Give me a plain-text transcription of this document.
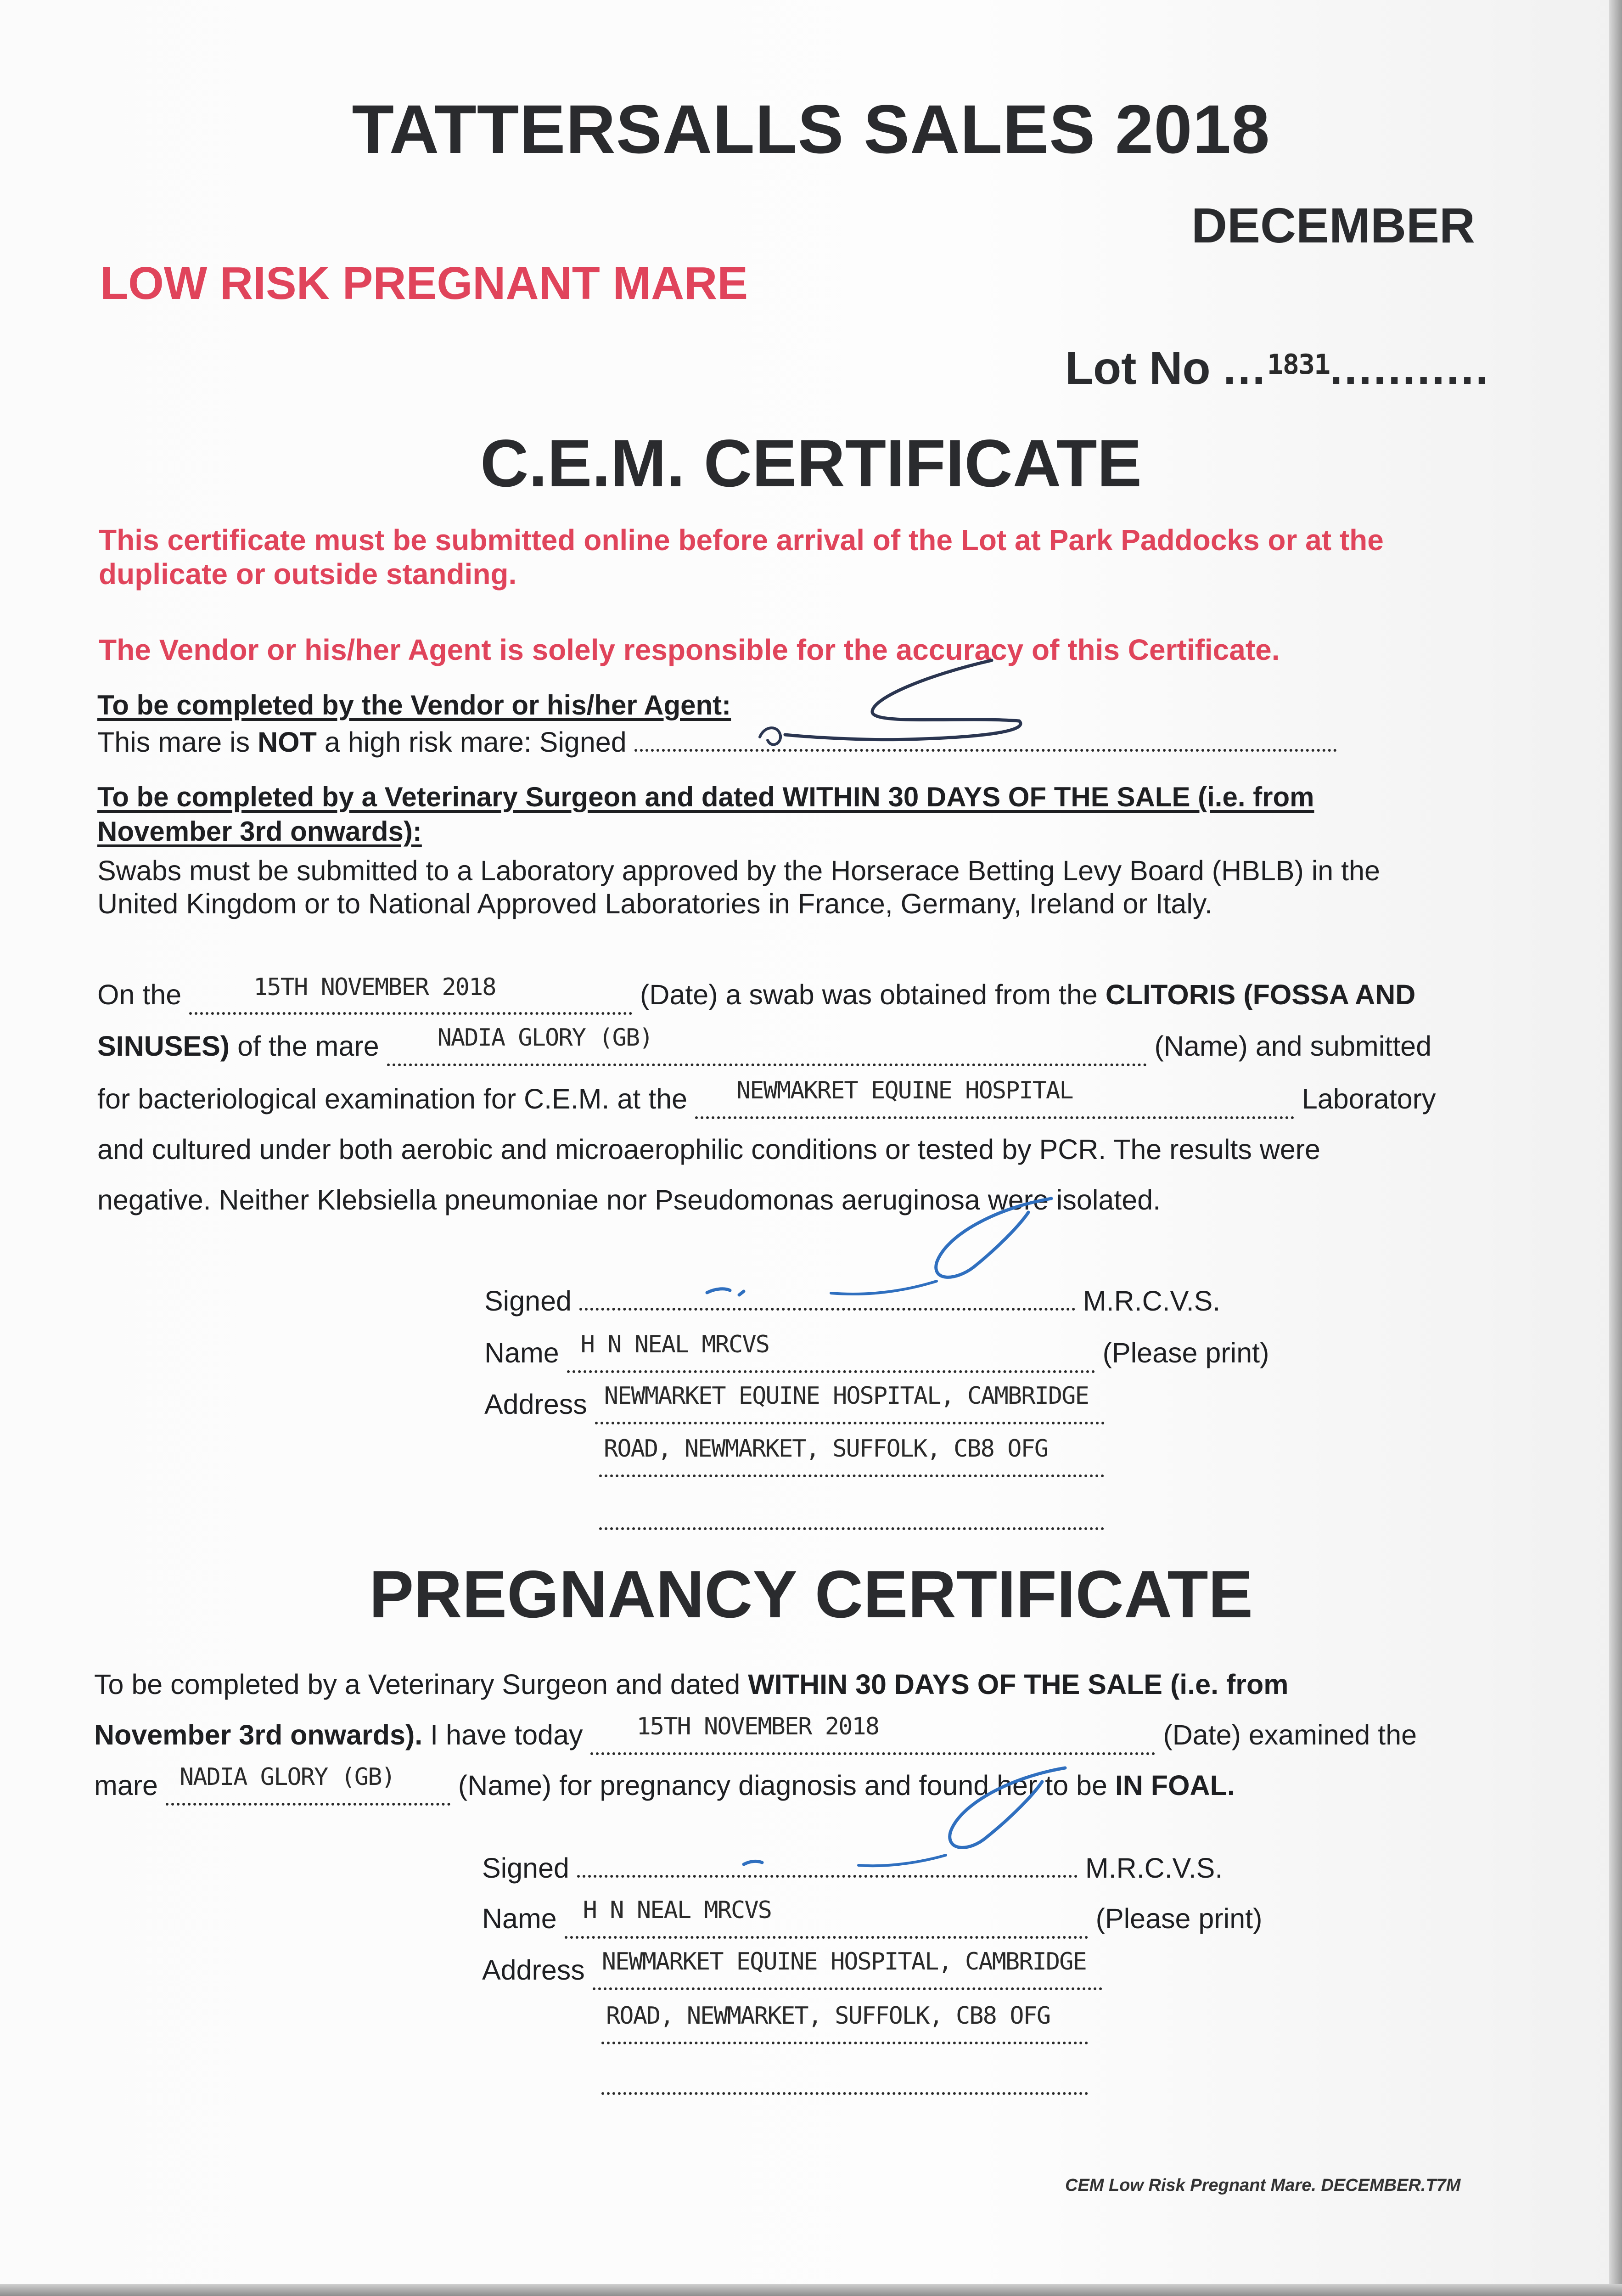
TATTERSALLS SALES 2018
DECEMBER
LOW RISK PREGNANT MARE
Lot No ...$^{1831}$...........
C.E.M. CERTIFICATE
This certificate must be submitted online before arrival of the Lot at Park Paddocks or at the duplicate or outside standing.
The Vendor or his/her Agent is solely responsible for the accuracy of this Certificate.
To be completed by the Vendor or his/her Agent:
This mare is NOT a high risk mare: Signed
To be completed by a Veterinary Surgeon and dated WITHIN 30 DAYS OF THE SALE (i.e. from
November 3rd onwards):
Swabs must be submitted to a Laboratory approved by the Horserace Betting Levy Board (HBLB) in the
United Kingdom or to National Approved Laboratories in France, Germany, Ireland or Italy.
On the	15TH NOVEMBER 2018	(Date) a swab was obtained from the CLITORIS (FOSSA AND
SINUSES) of the mare NADIA GLORY (GB)	(Name) and submitted
for bacteriological examination for C.E.M. at the NEWMAKRET EQUINE HOSPITAL	Laboratory
and cultured under both aerobic and microaerophilic conditions or tested by PCR. The results were
negative. Neither Klebsiella pneumoniae nor Pseudomonas aeruginosa were isolated.
Signed	M.R.C.V.S.
Name H N NEAL MRCVS	(Please print)
Address NEWMARKET EQUINE HOSPITAL, CAMBRIDGE

ROAD, NEWMARKET, SUFFOLK, CB8 OFG

PREGNANCY CERTIFICATE
To be completed by a Veterinary Surgeon and dated WITHIN 30 DAYS OF THE SALE (i.e. from
November 3rd onwards). I have today 15TH NOVEMBER 2018	(Date) examined the
mare NADIA GLORY (GB) (Name) for pregnancy diagnosis and found her to be IN FOAL.
Signed	M.R.C.V.S.
Name H N NEAL MRCVS	(Please print)
Address NEWMARKET EQUINE HOSPITAL, CAMBRIDGE

ROAD, NEWMARKET, SUFFOLK, CB8 OFG

CEM Low Risk Pregnant Mare. DECEMBER.T7M
